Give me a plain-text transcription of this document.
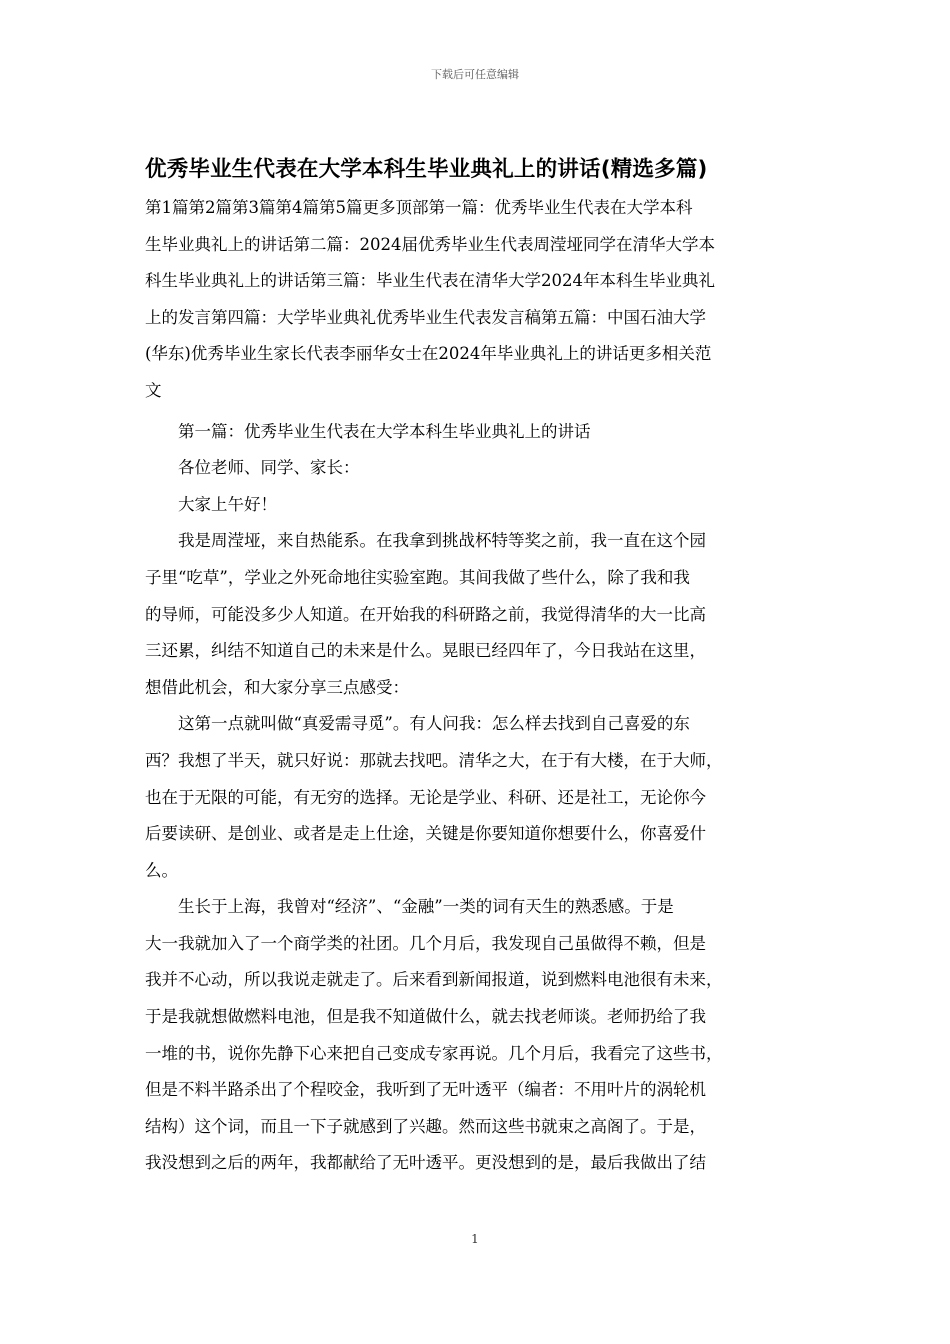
下载后可任意编辑
优秀毕业生代表在大学本科生毕业典礼上的讲话(精选多篇)
第1篇第2篇第3篇第4篇第5篇更多顶部第一篇：优秀毕业生代表在大学本科
生毕业典礼上的讲话第二篇：2024届优秀毕业生代表周滢垭同学在清华大学本
科生毕业典礼上的讲话第三篇：毕业生代表在清华大学2024年本科生毕业典礼
上的发言第四篇：大学毕业典礼优秀毕业生代表发言稿第五篇：中国石油大学
(华东)优秀毕业生家长代表李丽华女士在2024年毕业典礼上的讲话更多相关范
文
　　第一篇：优秀毕业生代表在大学本科生毕业典礼上的讲话
　　各位老师、同学、家长：
　　大家上午好！
　　我是周滢垭，来自热能系。在我拿到挑战杯特等奖之前，我一直在这个园
子里“吃草”，学业之外死命地往实验室跑。其间我做了些什么，除了我和我
的导师，可能没多少人知道。在开始我的科研路之前，我觉得清华的大一比高
三还累，纠结不知道自己的未来是什么。晃眼已经四年了，今日我站在这里，
想借此机会，和大家分享三点感受：
　　这第一点就叫做“真爱需寻觅”。有人问我：怎么样去找到自己喜爱的东
西？我想了半天，就只好说：那就去找吧。清华之大，在于有大楼，在于大师，
也在于无限的可能，有无穷的选择。无论是学业、科研、还是社工，无论你今
后要读研、是创业、或者是走上仕途，关键是你要知道你想要什么，你喜爱什
么。
　　生长于上海，我曾对“经济”、“金融”一类的词有天生的熟悉感。于是
大一我就加入了一个商学类的社团。几个月后，我发现自己虽做得不赖，但是
我并不心动，所以我说走就走了。后来看到新闻报道，说到燃料电池很有未来，
于是我就想做燃料电池，但是我不知道做什么，就去找老师谈。老师扔给了我
一堆的书，说你先静下心来把自己变成专家再说。几个月后，我看完了这些书，
但是不料半路杀出了个程咬金，我听到了无叶透平（编者：不用叶片的涡轮机
结构）这个词，而且一下子就感到了兴趣。然而这些书就束之高阁了。于是，
我没想到之后的两年，我都献给了无叶透平。更没想到的是，最后我做出了结
1
